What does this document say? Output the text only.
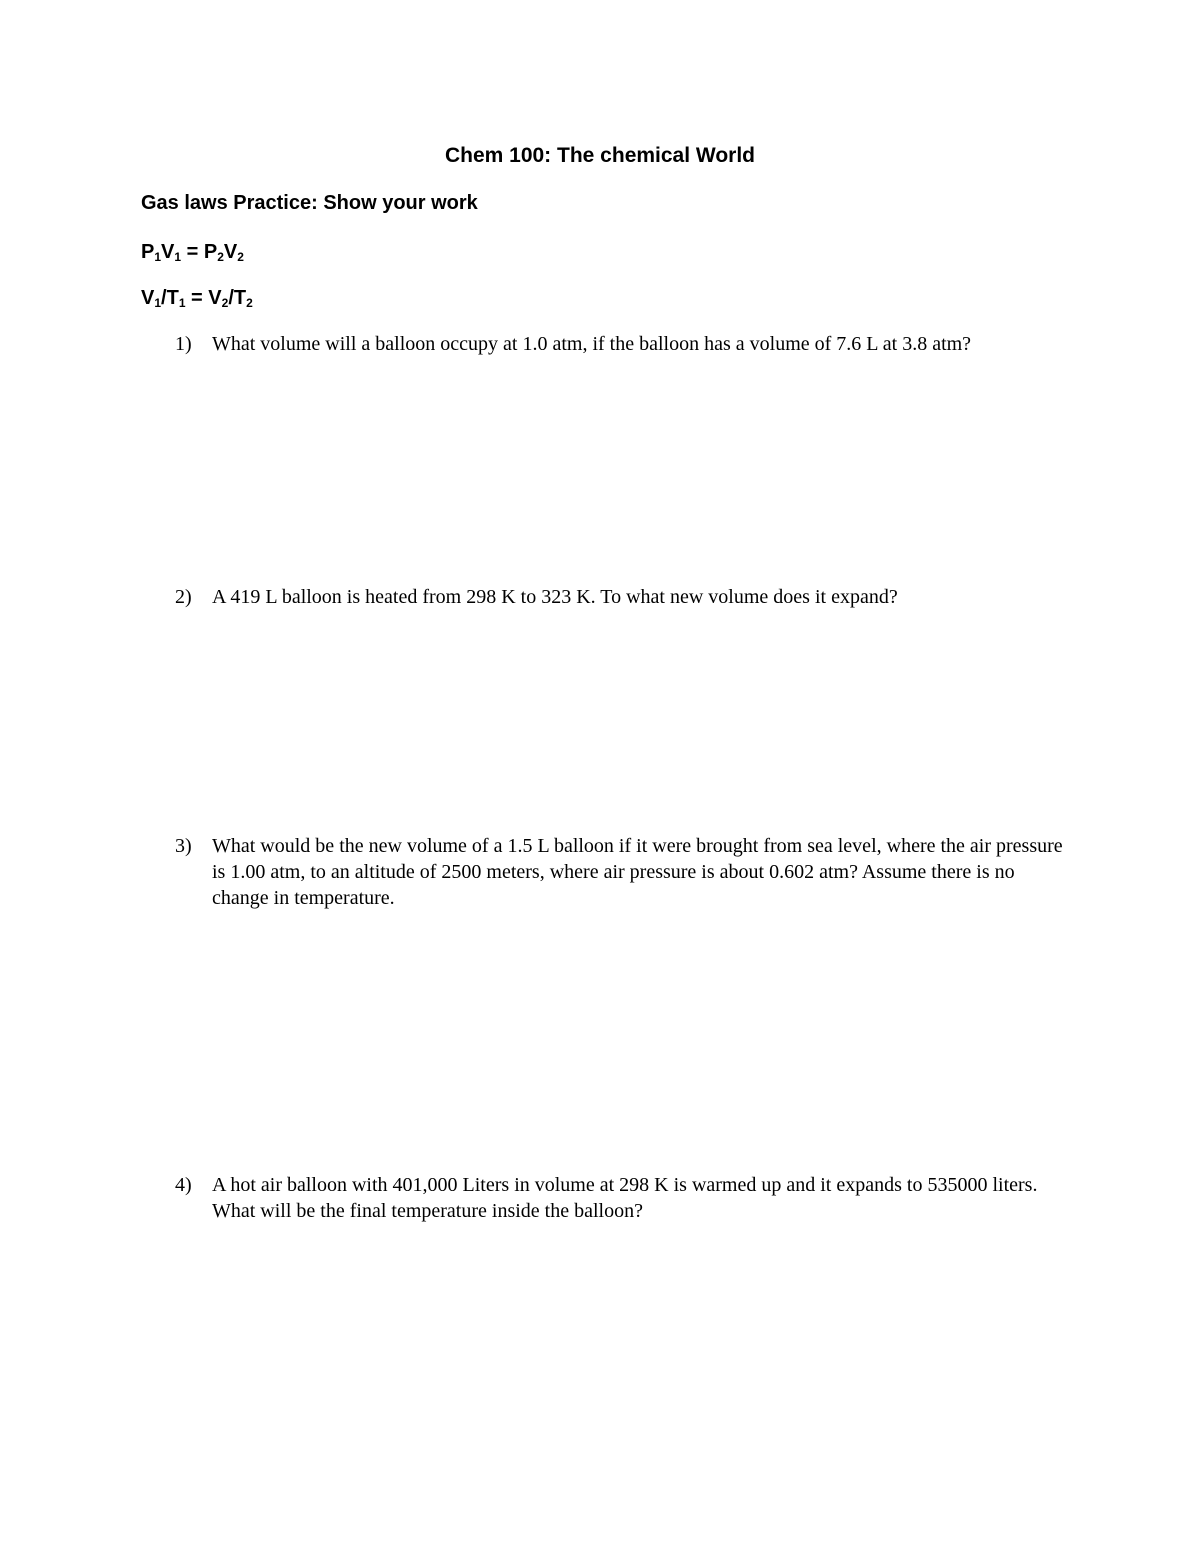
Chem 100: The chemical World
Gas laws Practice: Show your work
$P_1V_1 = P_2V_2$
$V_1/T_1 = V_2/T_2$
1) What volume will a balloon occupy at 1.0 atm, if the balloon has a volume of 7.6 L at 3.8 atm?
2) A 419 L balloon is heated from 298 K to 323 K. To what new volume does it expand?
3) What would be the new volume of a 1.5 L balloon if it were brought from sea level, where the air pressure is 1.00 atm, to an altitude of 2500 meters, where air pressure is about 0.602 atm? Assume there is no change in temperature.
4) A hot air balloon with 401,000 Liters in volume at 298 K is warmed up and it expands to 535000 liters. What will be the final temperature inside the balloon?
